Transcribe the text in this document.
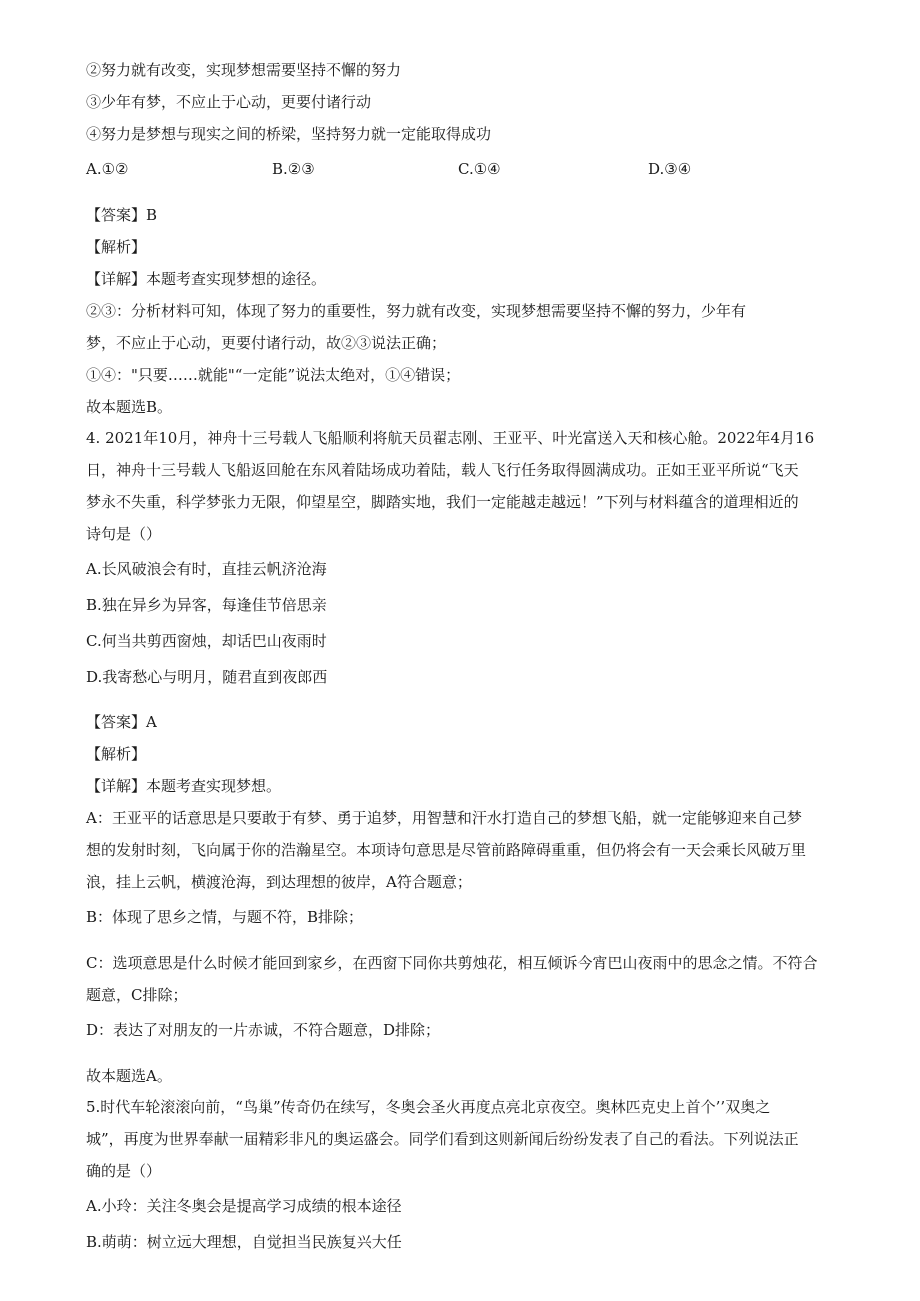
②努力就有改变，实现梦想需要坚持不懈的努力
③少年有梦，不应止于心动，更要付诸行动
④努力是梦想与现实之间的桥梁，坚持努力就一定能取得成功
A.①②	B.②③	C.①④	D.③④
【答案】B
【解析】
【详解】本题考查实现梦想的途径。
②③：分析材料可知，体现了努力的重要性，努力就有改变，实现梦想需要坚持不懈的努力，少年有
梦，不应止于心动，更要付诸行动，故②③说法正确；
①④："只要……就能"“一定能”说法太绝对，①④错误；
故本题选B。
4. 2021年10月，神舟十三号载人飞船顺利将航天员翟志刚、王亚平、叶光富送入天和核心舱。2022年4月16
日，神舟十三号载人飞船返回舱在东风着陆场成功着陆，载人飞行任务取得圆满成功。正如王亚平所说“飞天
梦永不失重，科学梦张力无限，仰望星空，脚踏实地，我们一定能越走越远！”下列与材料蕴含的道理相近的
诗句是（）
A.长风破浪会有时，直挂云帆济沧海
B.独在异乡为异客，每逢佳节倍思亲
C.何当共剪西窗烛，却话巴山夜雨时
D.我寄愁心与明月，随君直到夜郎西
【答案】A
【解析】
【详解】本题考查实现梦想。
A：王亚平的话意思是只要敢于有梦、勇于追梦，用智慧和汗水打造自己的梦想飞船，就一定能够迎来自己梦
想的发射时刻，飞向属于你的浩瀚星空。本项诗句意思是尽管前路障碍重重，但仍将会有一天会乘长风破万里
浪，挂上云帆，横渡沧海，到达理想的彼岸，A符合题意；
B：体现了思乡之情，与题不符，B排除；
C：选项意思是什么时候才能回到家乡，在西窗下同你共剪烛花，相互倾诉今宵巴山夜雨中的思念之情。不符合
题意，C排除；
D：表达了对朋友的一片赤诚，不符合题意，D排除；
故本题选A。
5.时代车轮滚滚向前，“鸟巢”传奇仍在续写，冬奥会圣火再度点亮北京夜空。奥林匹克史上首个’’双奥之
城”，再度为世界奉献一届精彩非凡的奥运盛会。同学们看到这则新闻后纷纷发表了自己的看法。下列说法正
确的是（）
A.小玲：关注冬奥会是提高学习成绩的根本途径
B.萌萌：树立远大理想，自觉担当民族复兴大任
